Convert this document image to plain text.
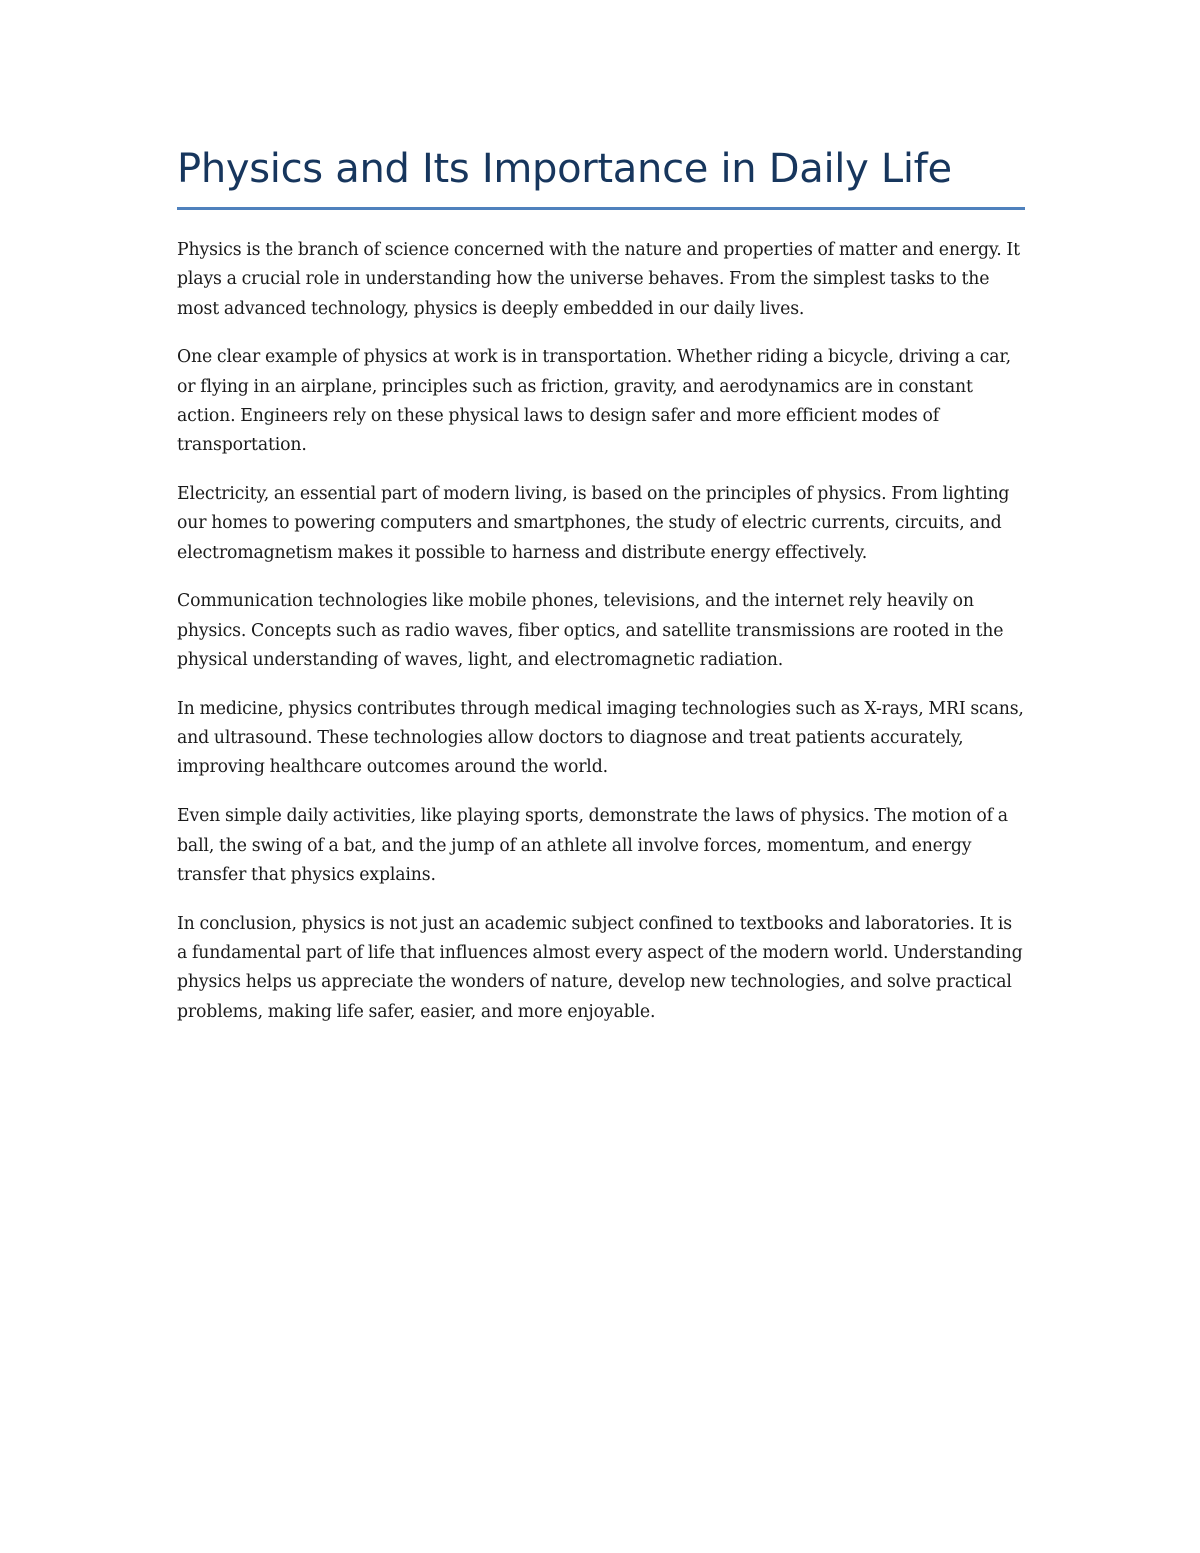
Physics and Its Importance in Daily Life

Physics is the branch of science concerned with the nature and properties of matter and energy. It plays a crucial role in understanding how the universe behaves. From the simplest tasks to the most advanced technology, physics is deeply embedded in our daily lives.

One clear example of physics at work is in transportation. Whether riding a bicycle, driving a car, or flying in an airplane, principles such as friction, gravity, and aerodynamics are in constant action. Engineers rely on these physical laws to design safer and more efficient modes of transportation.

Electricity, an essential part of modern living, is based on the principles of physics. From lighting our homes to powering computers and smartphones, the study of electric currents, circuits, and electromagnetism makes it possible to harness and distribute energy effectively.

Communication technologies like mobile phones, televisions, and the internet rely heavily on physics. Concepts such as radio waves, fiber optics, and satellite transmissions are rooted in the physical understanding of waves, light, and electromagnetic radiation.

In medicine, physics contributes through medical imaging technologies such as X-rays, MRI scans, and ultrasound. These technologies allow doctors to diagnose and treat patients accurately, improving healthcare outcomes around the world.

Even simple daily activities, like playing sports, demonstrate the laws of physics. The motion of a ball, the swing of a bat, and the jump of an athlete all involve forces, momentum, and energy transfer that physics explains.

In conclusion, physics is not just an academic subject confined to textbooks and laboratories. It is a fundamental part of life that influences almost every aspect of the modern world. Understanding physics helps us appreciate the wonders of nature, develop new technologies, and solve practical problems, making life safer, easier, and more enjoyable.
